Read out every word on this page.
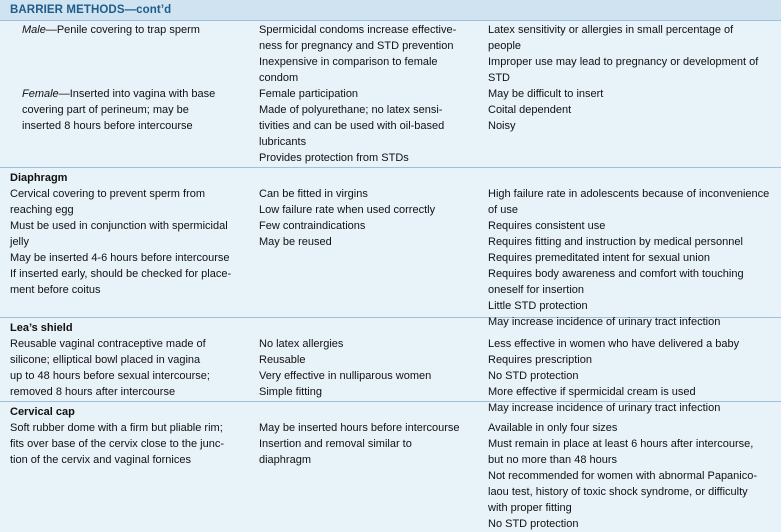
BARRIER METHODS—cont’d
Male—Penile covering to trap sperm	Spermicidal condoms increase effective-
ness for pregnancy and STD prevention
Inexpensive in comparison to female
condom
Latex sensitivity or allergies in small percentage of
people
Improper use may lead to pregnancy or development of
STD
Female—Inserted into vagina with base
covering part of perineum; may be
inserted 8 hours before intercourse
Female participation
Made of polyurethane; no latex sensi-
tivities and can be used with oil-based
lubricants
Provides protection from STDs
May be difficult to insert
Coital dependent
Noisy
Diaphragm
Cervical covering to prevent sperm from
reaching egg
Must be used in conjunction with spermicidal
jelly
May be inserted 4-6 hours before intercourse
If inserted early, should be checked for place-
ment before coitus
Can be fitted in virgins
Low failure rate when used correctly
Few contraindications
May be reused
High failure rate in adolescents because of inconvenience
of use
Requires consistent use
Requires fitting and instruction by medical personnel
Requires premeditated intent for sexual union
Requires body awareness and comfort with touching
oneself for insertion
Little STD protection
May increase incidence of urinary tract infection
Lea’s shield
Reusable vaginal contraceptive made of
silicone; elliptical bowl placed in vagina
up to 48 hours before sexual intercourse;
removed 8 hours after intercourse
No latex allergies
Reusable
Very effective in nulliparous women
Simple fitting
Less effective in women who have delivered a baby
Requires prescription
No STD protection
More effective if spermicidal cream is used
May increase incidence of urinary tract infection
Cervical cap
Soft rubber dome with a firm but pliable rim;
fits over base of the cervix close to the junc-
tion of the cervix and vaginal fornices
May be inserted hours before intercourse
Insertion and removal similar to
diaphragm
Available in only four sizes
Must remain in place at least 6 hours after intercourse,
but no more than 48 hours
Not recommended for women with abnormal Papanico-
laou test, history of toxic shock syndrome, or difficulty
with proper fitting
No STD protection
